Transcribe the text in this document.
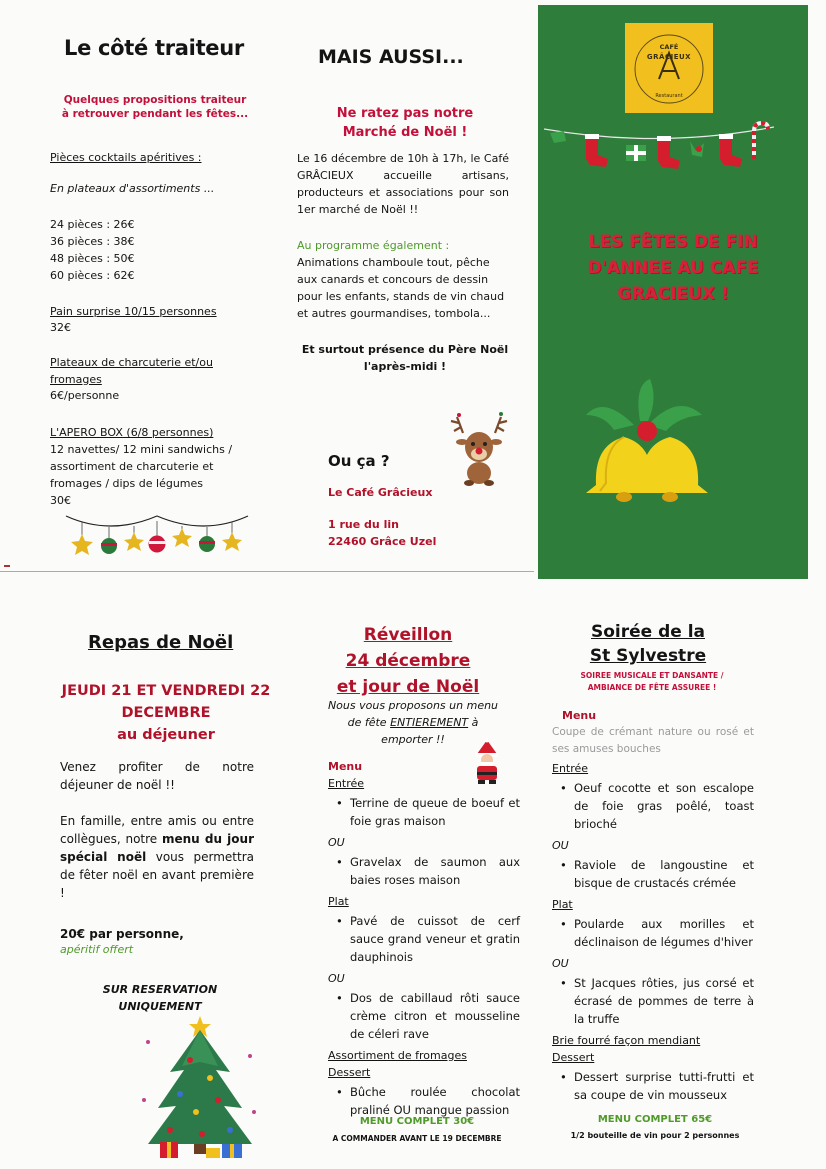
Le côté traiteur
Quelques propositions traiteur
à retrouver pendant les fêtes...
Pièces cocktails apéritives :
En plateaux d'assortiments ...
24 pièces : 26€
36 pièces : 38€
48 pièces : 50€
60 pièces : 62€
Pain surprise 10/15 personnes
32€
Plateaux de charcuterie et/ou
fromages
6€/personne
L'APERO BOX (6/8 personnes)
12 navettes/ 12 mini sandwichs / assortiment de charcuterie et fromages / dips de légumes
30€
MAIS AUSSI...
Ne ratez pas notre
Marché de Noël !
Le 16 décembre de 10h à 17h, le Café GRÂCIEUX accueille artisans, producteurs et associations pour son 1er marché de Noël !!
Au programme également :
Animations chamboule tout, pêche aux canards et concours de dessin pour les enfants, stands de vin chaud et autres gourmandises, tombola...
Et surtout présence du Père Noël
l'après-midi !
Ou ça ?
Le Café Grâcieux
1 rue du lin
22460 Grâce Uzel
CAFÉ
GRÂCIEUX
Restaurant
LES FÊTES DE FIN
D'ANNEE AU CAFE
GRACIEUX !
Repas de Noël
JEUDI 21 ET VENDREDI 22
DECEMBRE
au déjeuner
Venez profiter de notre déjeuner de noël !!
En famille, entre amis ou entre collègues, notre menu du jour spécial noël vous permettra de fêter noël en avant première !
20€ par personne,
apéritif offert
SUR RESERVATION
UNIQUEMENT
Réveillon
24 décembre
et jour de Noël
Nous vous proposons un menu de fête ENTIEREMENT à emporter !!
Menu
Entrée
• Terrine de queue de boeuf et foie gras maison
OU
• Gravelax de saumon aux baies roses maison
Plat
• Pavé de cuissot de cerf sauce grand veneur et gratin dauphinois
OU
• Dos de cabillaud rôti sauce crème citron et mousseline de céleri rave
Assortiment de fromages
Dessert
• Bûche roulée chocolat praliné OU mangue passion
MENU COMPLET 30€
A COMMANDER AVANT LE 19 DECEMBRE
Soirée de la
St Sylvestre
SOIREE MUSICALE ET DANSANTE /
AMBIANCE DE FÊTE ASSUREE !
Menu
Coupe de crémant nature ou rosé et ses amuses bouches
Entrée
• Oeuf cocotte et son escalope de foie gras poêlé, toast brioché
OU
• Raviole de langoustine et bisque de crustacés crémée
Plat
• Poularde aux morilles et déclinaison de légumes d'hiver
OU
• St Jacques rôties, jus corsé et écrasé de pommes de terre à la truffe
Brie fourré façon mendiant
Dessert
• Dessert surprise tutti-frutti et sa coupe de vin mousseux
MENU COMPLET 65€
1/2 bouteille de vin pour 2 personnes
